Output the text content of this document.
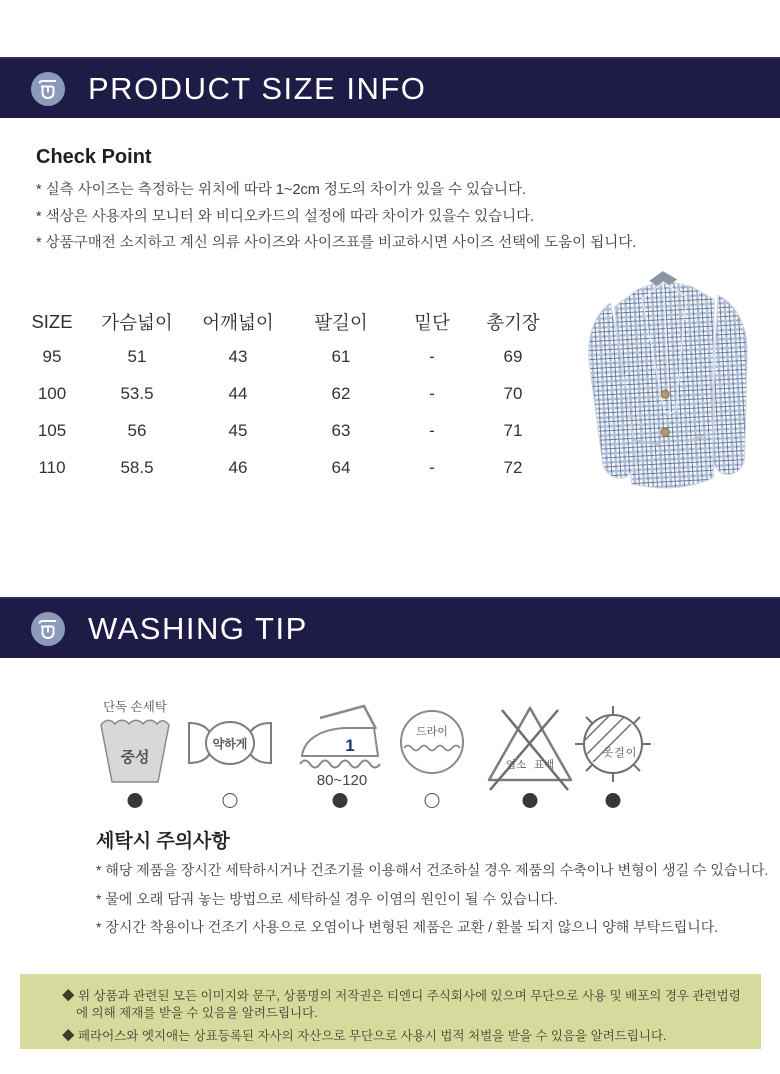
PRODUCT SIZE INFO
Check Point
* 실측 사이즈는 측정하는 위치에 따라 1~2cm 정도의 차이가 있을 수 있습니다.
* 색상은 사용자의 모니터 와 비디오카드의 설정에 따라 차이가 있을수 있습니다.
* 상품구매전 소지하고 계신 의류 사이즈와 사이즈표를 비교하시면 사이즈 선택에 도움이 됩니다.
SIZE	가슴넓이	어깨넓이	팔길이	밑단	총기장
95	51	43	61	-	69
100	53.5	44	62	-	70
105	56	45	63	-	71
110	58.5	46	64	-	72
WASHING TIP
단독 손세탁
중성
약하게	1
80~120
드라이
염소 표백
옷걸이
세탁시 주의사항
* 해당 제품을 장시간 세탁하시거나 건조기를 이용해서 건조하실 경우 제품의 수축이나 변형이 생길 수 있습니다.
* 물에 오래 담궈 놓는 방법으로 세탁하실 경우 이염의 원인이 될 수 있습니다.
* 장시간 착용이나 건조기 사용으로 오염이나 변형된 제품은 교환 / 환불 되지 않으니 양해 부탁드립니다.
◆ 위 상품과 관련된 모든 이미지와 문구, 상품명의 저작권은 티엔디 주식회사에 있으며 무단으로 사용 및 배포의 경우 관련법령에 의해 제재를 받을 수 있음을 알려드립니다.
◆ 페라어스와 엣지애는 상표등록된 자사의 자산으로 무단으로 사용시 법적 처벌을 받을 수 있음을 알려드립니다.
